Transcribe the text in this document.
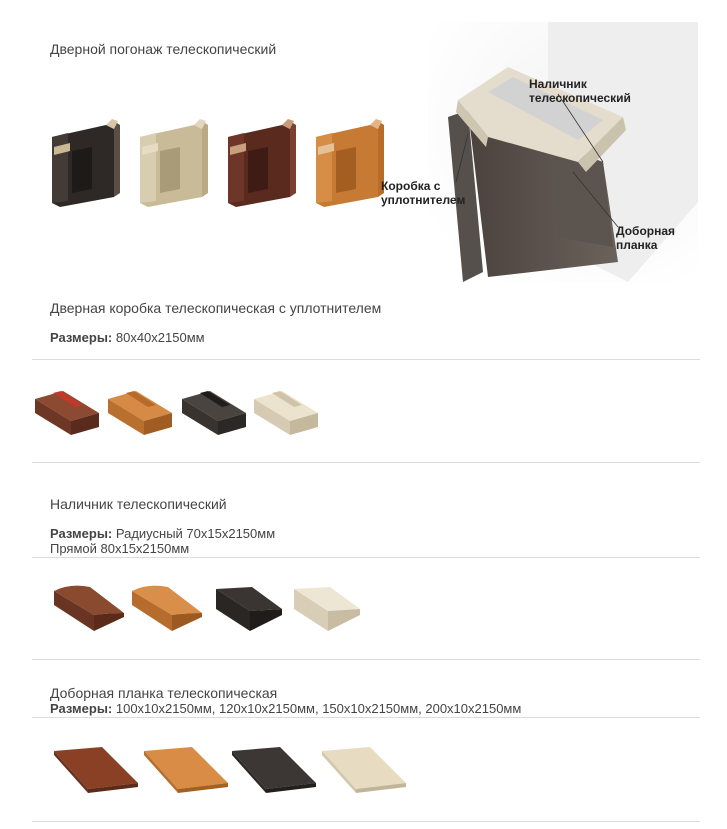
Дверной погонаж телескопический
Наличник
телескопический
Коробка с
уплотнителем
Доборная
планка
Дверная коробка телескопическая с уплотнителем
Размеры: 80х40х2150мм
Наличник телескопический
Размеры: Радиусный 70х15х2150мм
Прямой 80х15х2150мм
Доборная планка телескопическая
Размеры: 100х10х2150мм, 120х10х2150мм, 150х10х2150мм, 200х10х2150мм
